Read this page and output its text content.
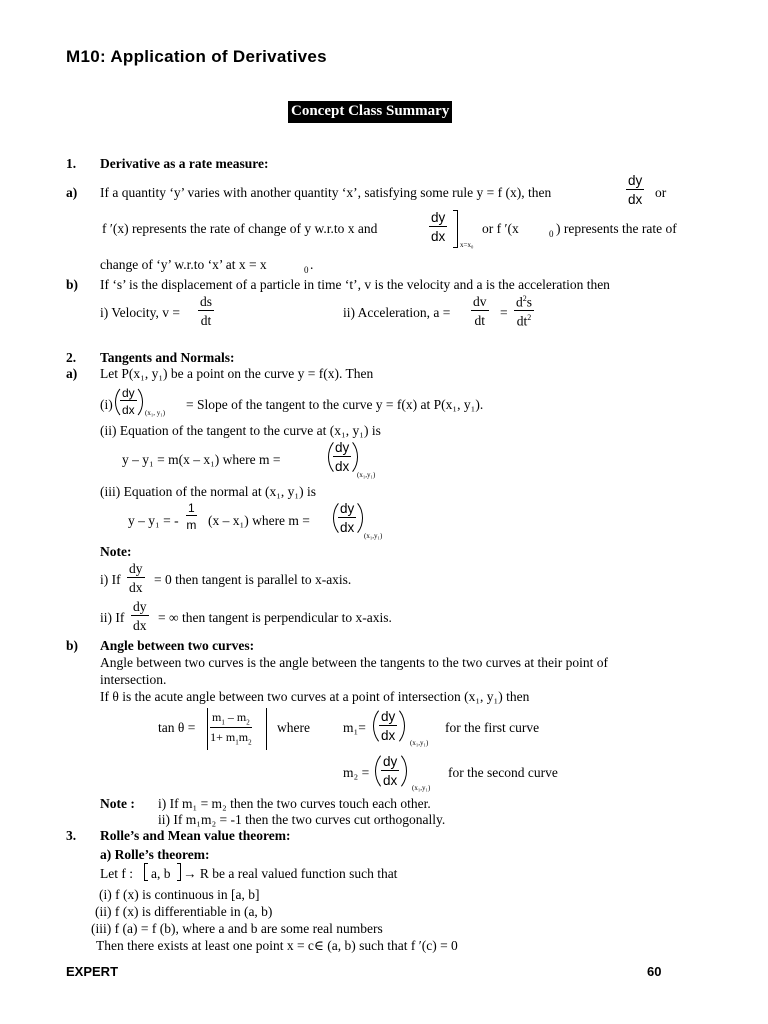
M10: Application of Derivatives
Concept Class Summary
1. Derivative as a rate measure:
a) If a quantity ‘y’ varies with another quantity ‘x’, satisfying some rule y = f (x), then	$\frac{dy}{dx}$ or
f ′(x) represents the rate of change of y w.r.to x and	$\frac{dy}{dx}$
x=x₀
or f ′(x	0 ) represents the rate of
change of ‘y’ w.r.to ‘x’ at x = x	0 .
b) If ‘s’ is the displacement of a particle in time ‘t’, v is the velocity and a is the acceleration then
i) Velocity, $v = \frac{ds}{dt}$	ii) Acceleration, $a = \frac{dv}{dt} = \frac{d^2s}{dt^2}$
2. Tangents and Normals:
a) Let P(x₁, y₁) be a point on the curve y = f(x). Then
$(i) \frac{dy}{dx} (x_1$, y₁)
= Slope of the tangent to the curve y = f(x) at P(x₁, y₁).
(ii) Equation of the tangent to the curve at (x₁, y₁) is
y – y₁ = m(x – x₁) where m =	$\frac{dy}{dx}$
(x₁,y₁)
(iii) Equation of the normal at (x₁, y₁) is
y – y₁ = - $\frac{1}{m} (x - x_1)$ where $m = \frac{dy}{dx}$
(x₁,y₁)
Note:
i) If $\frac{dy}{dx} = 0$ then tangent is parallel to x-axis.
ii) If $\frac{dy}{dx}$ = ∞ then tangent is perpendicular to x-axis.
b) Angle between two curves:
Angle between two curves is the angle between the tangents to the two curves at their point of
intersection.
If θ is the acute angle between two curves at a point of intersection (x₁, y₁) then
$\tan \theta = \frac{m_1 - m_2}{1+ m_1m_2}$ where $m_1= \frac{dy}{dx}$
(x₁,y₁)
for the first curve
$m_2 = \frac{dy}{dx}$
(x₁,y₁)
for the second curve
Note : i) If m₁ = m₂ then the two curves touch each other.
ii) If m₁m₂ = -1 then the two curves cut orthogonally.
3. Rolle’s and Mean value theorem:
a) Rolle’s theorem:
Let f : a, b → R be a real valued function such that
(i) f (x) is continuous in [a, b]
(ii) f (x) is differentiable in (a, b)
(iii) f (a) = f (b), where a and b are some real numbers
Then there exists at least one point x = c∈ (a, b) such that f ′(c) = 0
EXPERT	60
